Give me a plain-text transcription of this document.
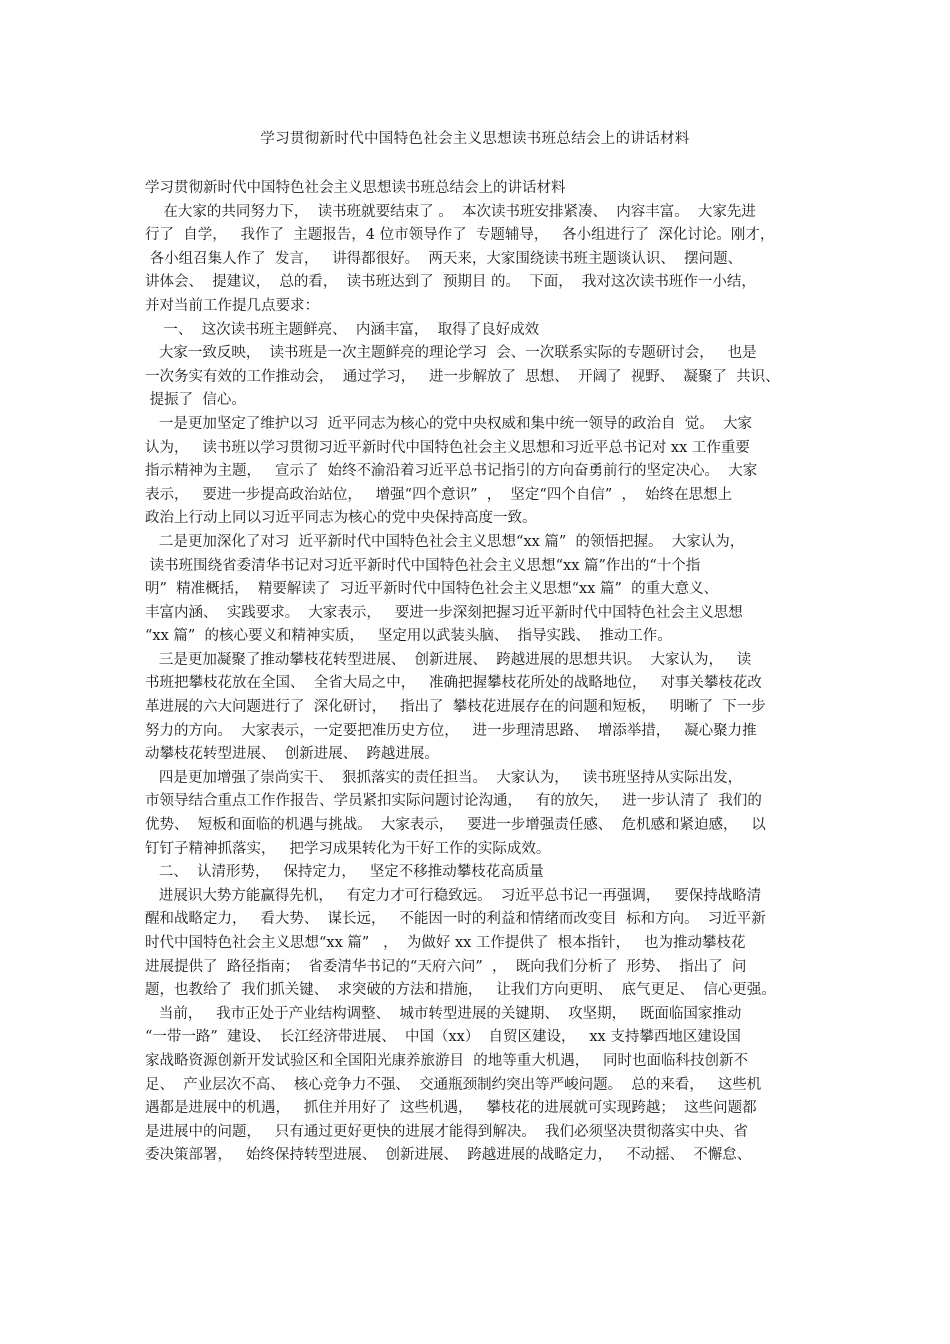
学习贯彻新时代中国特色社会主义思想读书班总结会上的讲话材料
学习贯彻新时代中国特色社会主义思想读书班总结会上的讲话材料
在大家的共同努力下，  读书班就要结束了 。  本次读书班安排紧凑、  内容丰富。  大家先进
行了  自学，   我作了  主题报告，4 位市领导作了  专题辅导，   各小组进行了  深化讨论。刚才，
各小组召集人作了  发言，   讲得都很好。  两天来，大家围绕读书班主题谈认识、  摆问题、
讲体会、  提建议，  总的看，  读书班达到了  预期目 的。  下面，  我对这次读书班作一小结，
并对当前工作提几点要求：
一、  这次读书班主题鲜亮、  内涵丰富，  取得了良好成效
大家一致反映，  读书班是一次主题鲜亮的理论学习  会、一次联系实际的专题研讨会，   也是
一次务实有效的工作推动会，  通过学习，   进一步解放了  思想、  开阔了  视野、  凝聚了  共识、
提振了  信心。
一是更加坚定了维护以习  近平同志为核心的党中央权威和集中统一领导的政治自  觉。  大家
认为，   读书班以学习贯彻习近平新时代中国特色社会主义思想和习近平总书记对 xx 工作重要
指示精神为主题，   宣示了  始终不渝沿着习近平总书记指引的方向奋勇前行的坚定决心。  大家
表示，   要进一步提高政治站位，   增强“四个意识”  ，  坚定“四个自信”  ，  始终在思想上
政治上行动上同以习近平同志为核心的党中央保持高度一致。
二是更加深化了对习  近平新时代中国特色社会主义思想“xx 篇”  的领悟把握。  大家认为，
读书班围绕省委清华书记对习近平新时代中国特色社会主义思想“xx 篇”作出的“十个指
明”  精准概括，  精要解读了  习近平新时代中国特色社会主义思想“xx 篇”  的重大意义、
丰富内涵、  实践要求。  大家表示，   要进一步深刻把握习近平新时代中国特色社会主义思想
“xx 篇”  的核心要义和精神实质，   坚定用以武装头脑、  指导实践、  推动工作。
三是更加凝聚了推动攀枝花转型进展、  创新进展、  跨越进展的思想共识。  大家认为，   读
书班把攀枝花放在全国、  全省大局之中，   准确把握攀枝花所处的战略地位，   对事关攀枝花改
革进展的六大问题进行了  深化研讨，   指出了  攀枝花进展存在的问题和短板，   明晰了  下一步
努力的方向。  大家表示，一定要把准历史方位，   进一步理清思路、  增添举措，   凝心聚力推
动攀枝花转型进展、  创新进展、  跨越进展。
四是更加增强了崇尚实干、  狠抓落实的责任担当。  大家认为，   读书班坚持从实际出发，
市领导结合重点工作作报告、学员紧扣实际问题讨论沟通，   有的放矢，   进一步认清了  我们的
优势、  短板和面临的机遇与挑战。  大家表示，   要进一步增强责任感、  危机感和紧迫感，   以
钉钉子精神抓落实，   把学习成果转化为干好工作的实际成效。
二、  认清形势，   保持定力，   坚定不移推动攀枝花高质量
进展识大势方能赢得先机，   有定力才可行稳致远。  习近平总书记一再强调，   要保持战略清
醒和战略定力，   看大势、  谋长远，   不能因一时的利益和情绪而改变目  标和方向。  习近平新
时代中国特色社会主义思想“xx 篇”   ，  为做好 xx 工作提供了  根本指针，   也为推动攀枝花
进展提供了  路径指南；  省委清华书记的“天府六问”  ，  既向我们分析了  形势、  指出了  问
题，也教给了  我们抓关键、  求突破的方法和措施，   让我们方向更明、  底气更足、  信心更强。
当前，   我市正处于产业结构调整、  城市转型进展的关键期、  攻坚期，   既面临国家推动
“一带一路”  建设、  长江经济带进展、  中国（xx）  自贸区建设，   xx 支持攀西地区建设国
家战略资源创新开发试验区和全国阳光康养旅游目  的地等重大机遇，   同时也面临科技创新不
足、  产业层次不高、  核心竞争力不强、  交通瓶颈制约突出等严峻问题。  总的来看，   这些机
遇都是进展中的机遇，   抓住并用好了  这些机遇，   攀枝花的进展就可实现跨越；  这些问题都
是进展中的问题，   只有通过更好更快的进展才能得到解决。  我们必须坚决贯彻落实中央、省
委决策部署，   始终保持转型进展、  创新进展、  跨越进展的战略定力，   不动摇、  不懈怠、
